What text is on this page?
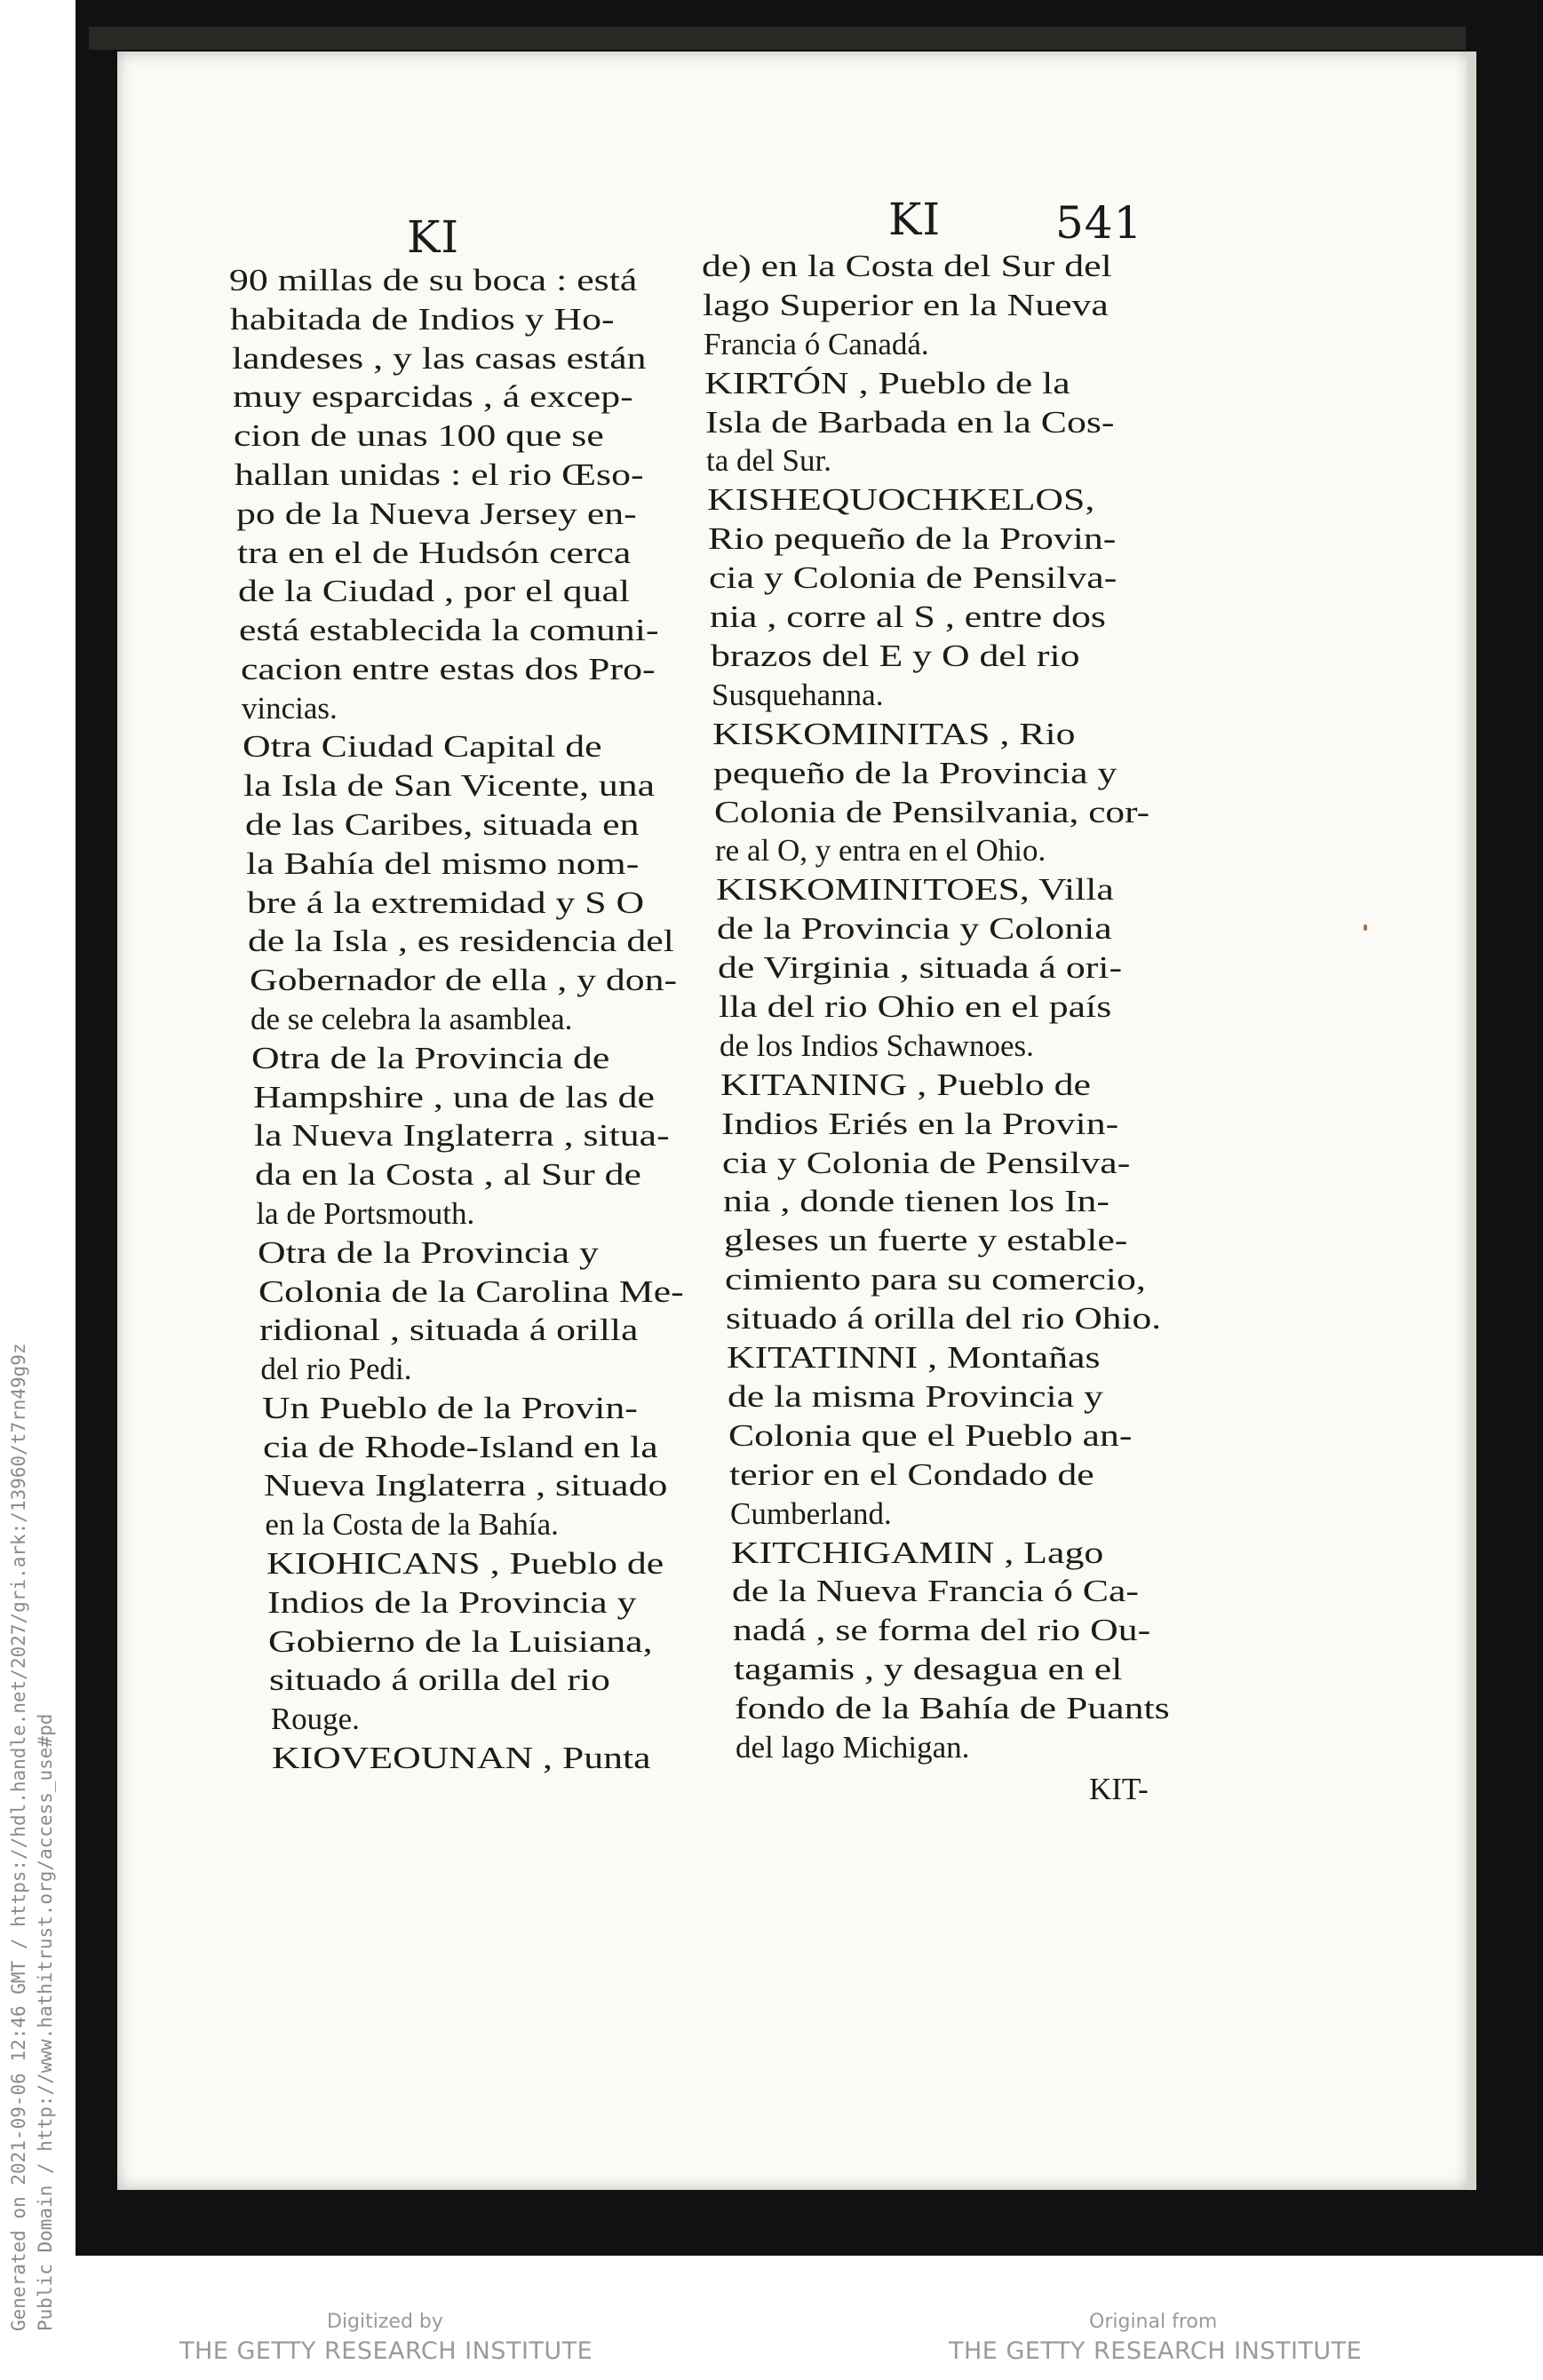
KI	KI	541
90 millas de su boca : está
habitada de Indios y Ho-
landeses , y las casas están
muy esparcidas , á excep-
cion de unas 100 que se
hallan unidas : el rio Œso-
po de la Nueva Jersey en-
tra en el de Hudsón cerca
de la Ciudad , por el qual
está establecida la comuni-
cacion entre estas dos Pro-
vincias.
Otra Ciudad Capital de
la Isla de San Vicente, una
de las Caribes, situada en
la Bahía del mismo nom-
bre á la extremidad y S O
de la Isla , es residencia del
Gobernador de ella , y don-
de se celebra la asamblea.
Otra de la Provincia de
Hampshire , una de las de
la Nueva Inglaterra , situa-
da en la Costa , al Sur de
la de Portsmouth.
Otra de la Provincia y
Colonia de la Carolina Me-
ridional , situada á orilla
del rio Pedi.
Un Pueblo de la Provin-
cia de Rhode-Island en la
Nueva Inglaterra , situado
en la Costa de la Bahía.
KIOHICANS , Pueblo de
Indios de la Provincia y
Gobierno de la Luisiana,
situado á orilla del rio
Rouge.
KIOVEOUNAN , Punta
de) en la Costa del Sur del
lago Superior en la Nueva
Francia ó Canadá.
KIRTÓN , Pueblo de la
Isla de Barbada en la Cos-
ta del Sur.
KISHEQUOCHKELOS,
Rio pequeño de la Provin-
cia y Colonia de Pensilva-
nia , corre al S , entre dos
brazos del E y O del rio
Susquehanna.
KISKOMINITAS , Rio
pequeño de la Provincia y
Colonia de Pensilvania, cor-
re al O, y entra en el Ohio.
KISKOMINITOES, Villa
de la Provincia y Colonia
de Virginia , situada á ori-
lla del rio Ohio en el país
de los Indios Schawnoes.
KITANING , Pueblo de
Indios Eriés en la Provin-
cia y Colonia de Pensilva-
nia , donde tienen los In-
gleses un fuerte y estable-
cimiento para su comercio,
situado á orilla del rio Ohio.
KITATINNI , Montañas
de la misma Provincia y
Colonia que el Pueblo an-
terior en el Condado de
Cumberland.
KITCHIGAMIN , Lago
de la Nueva Francia ó Ca-
nadá , se forma del rio Ou-
tagamis , y desagua en el
fondo de la Bahía de Puants
del lago Michigan.
KIT-
Generated on 2021-09-06 12:46 GMT / https://hdl.handle.net/2027/gri.ark:/13960/t7rn49g9z Public Domain / http://www.hathitrust.org/access_use#pd	Digitized by
THE GETTY RESEARCH INSTITUTE
Original from
THE GETTY RESEARCH INSTITUTE
